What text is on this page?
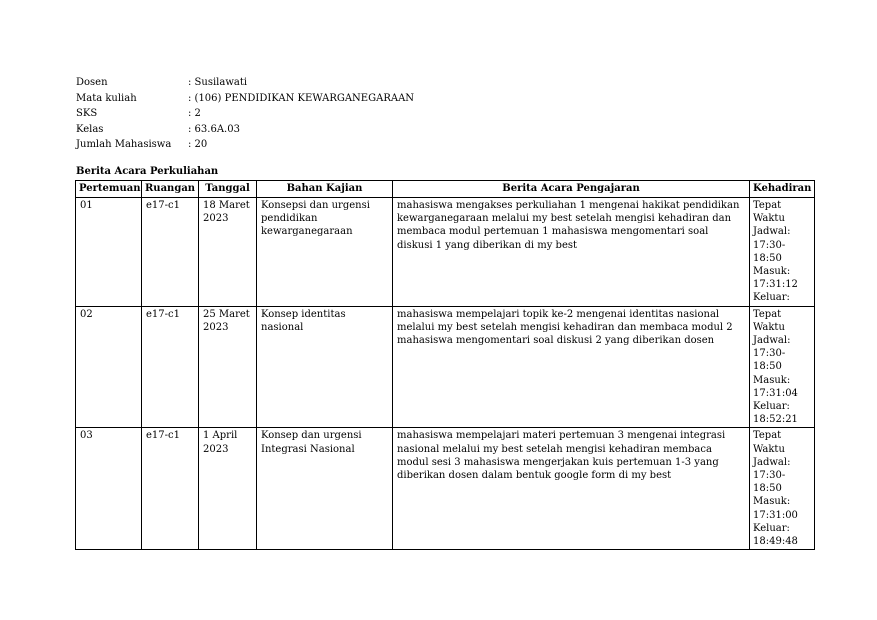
Dosen	: Susilawati
Mata kuliah	: (106) PENDIDIKAN KEWARGANEGARAAN
SKS	: 2
Kelas	: 63.6A.03
Jumlah Mahasiswa	: 20
Berita Acara Perkuliahan
Pertemuan	Ruangan	Tanggal	Bahan Kajian	Berita Acara Pengajaran	Kehadiran
01	e17-c1	18 Maret 2023	Konsepsi dan urgensi pendidikan kewarganegaraan	mahasiswa mengakses perkuliahan 1 mengenai hakikat pendidikan kewarganegaraan melalui my best setelah mengisi kehadiran dan membaca modul pertemuan 1 mahasiswa mengomentari soal diskusi 1 yang diberikan di my best	Tepat Waktu Jadwal: 17:30-18:50 Masuk: 17:31:12 Keluar:
02	e17-c1	25 Maret 2023	Konsep identitas nasional	mahasiswa mempelajari topik ke-2 mengenai identitas nasional melalui my best setelah mengisi kehadiran dan membaca modul 2 mahasiswa mengomentari soal diskusi 2 yang diberikan dosen	Tepat Waktu Jadwal: 17:30-18:50 Masuk: 17:31:04 Keluar: 18:52:21
03	e17-c1	1 April 2023	Konsep dan urgensi Integrasi Nasional	mahasiswa mempelajari materi pertemuan 3 mengenai integrasi nasional melalui my best setelah mengisi kehadiran membaca modul sesi 3 mahasiswa mengerjakan kuis pertemuan 1-3 yang diberikan dosen dalam bentuk google form di my best	Tepat Waktu Jadwal: 17:30-18:50 Masuk: 17:31:00 Keluar: 18:49:48
